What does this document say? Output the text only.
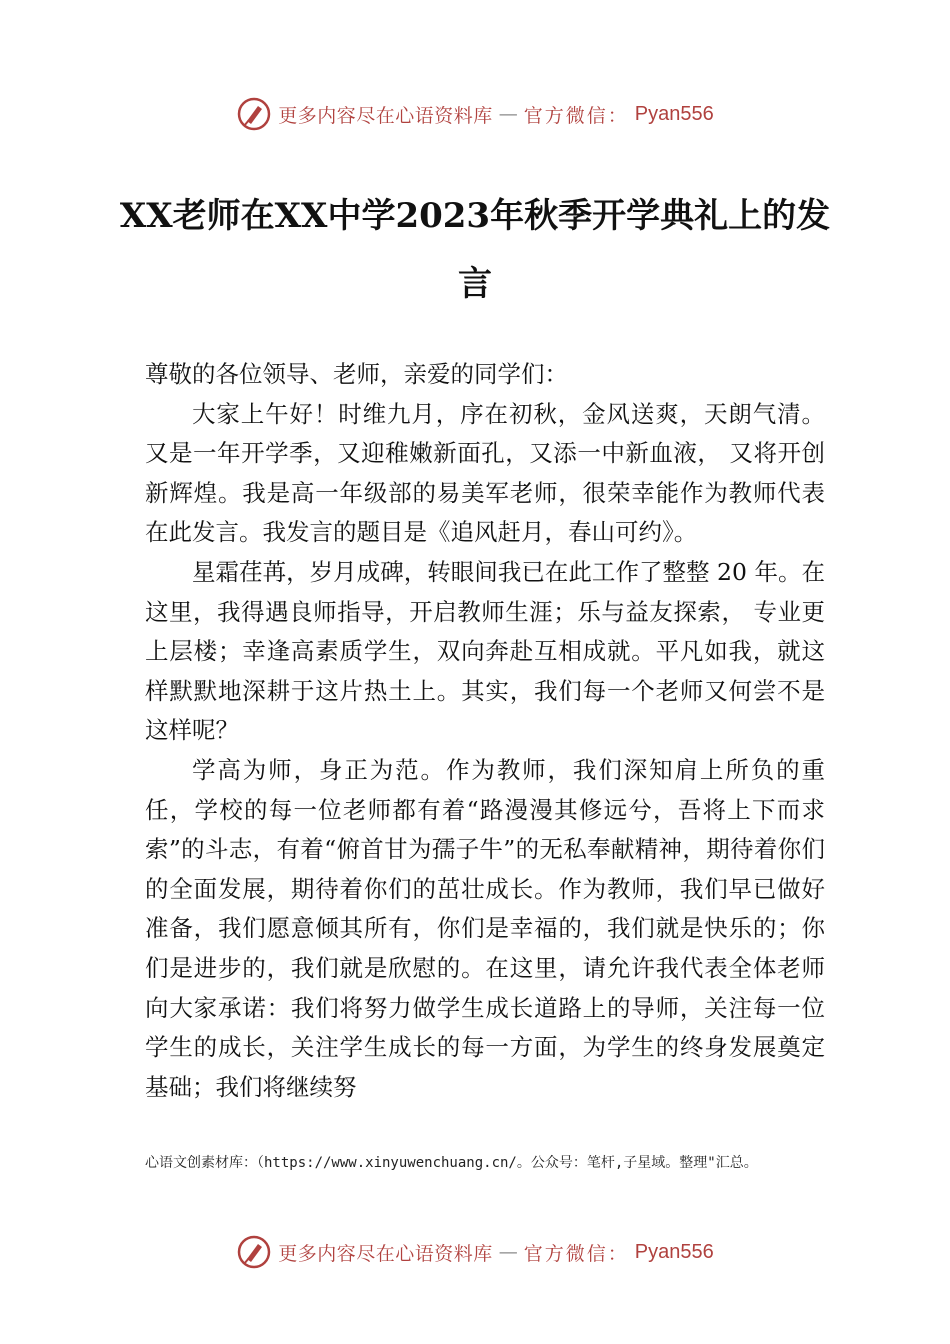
更多内容尽在心语资料库 — 官方微信： Pyan556
XX老师在XX中学2023年秋季开学典礼上的发言

尊敬的各位领导、老师，亲爱的同学们：

大家上午好！时维九月，序在初秋，金风送爽，天朗气清。又是一年开学季，又迎稚嫩新面孔，又添一中新血液， 又将开创新辉煌。我是高一年级部的易美军老师，很荣幸能作为教师代表在此发言。我发言的题目是《追风赶月，春山可约》。

星霜荏苒，岁月成碑，转眼间我已在此工作了整整 20 年。在这里，我得遇良师指导，开启教师生涯；乐与益友探索， 专业更上层楼；幸逢高素质学生，双向奔赴互相成就。平凡如我，就这样默默地深耕于这片热土上。其实，我们每一个老师又何尝不是这样呢？

学高为师，身正为范。作为教师，我们深知肩上所负的重任，学校的每一位老师都有着“路漫漫其修远兮，吾将上下而求索”的斗志，有着“俯首甘为孺子牛”的无私奉献精神，期待着你们的全面发展，期待着你们的茁壮成长。作为教师，我们早已做好准备，我们愿意倾其所有，你们是幸福的，我们就是快乐的；你们是进步的，我们就是欣慰的。在这里，请允许我代表全体老师向大家承诺：我们将努力做学生成长道路上的导师，关注每一位学生的成长，关注学生成长的每一方面，为学生的终身发展奠定基础；我们将继续努

心语文创素材库：（https://www.xinyuwenchuang.cn/。公众号：笔杆,子星域。整理"汇总。
更多内容尽在心语资料库 — 官方微信： Pyan556
